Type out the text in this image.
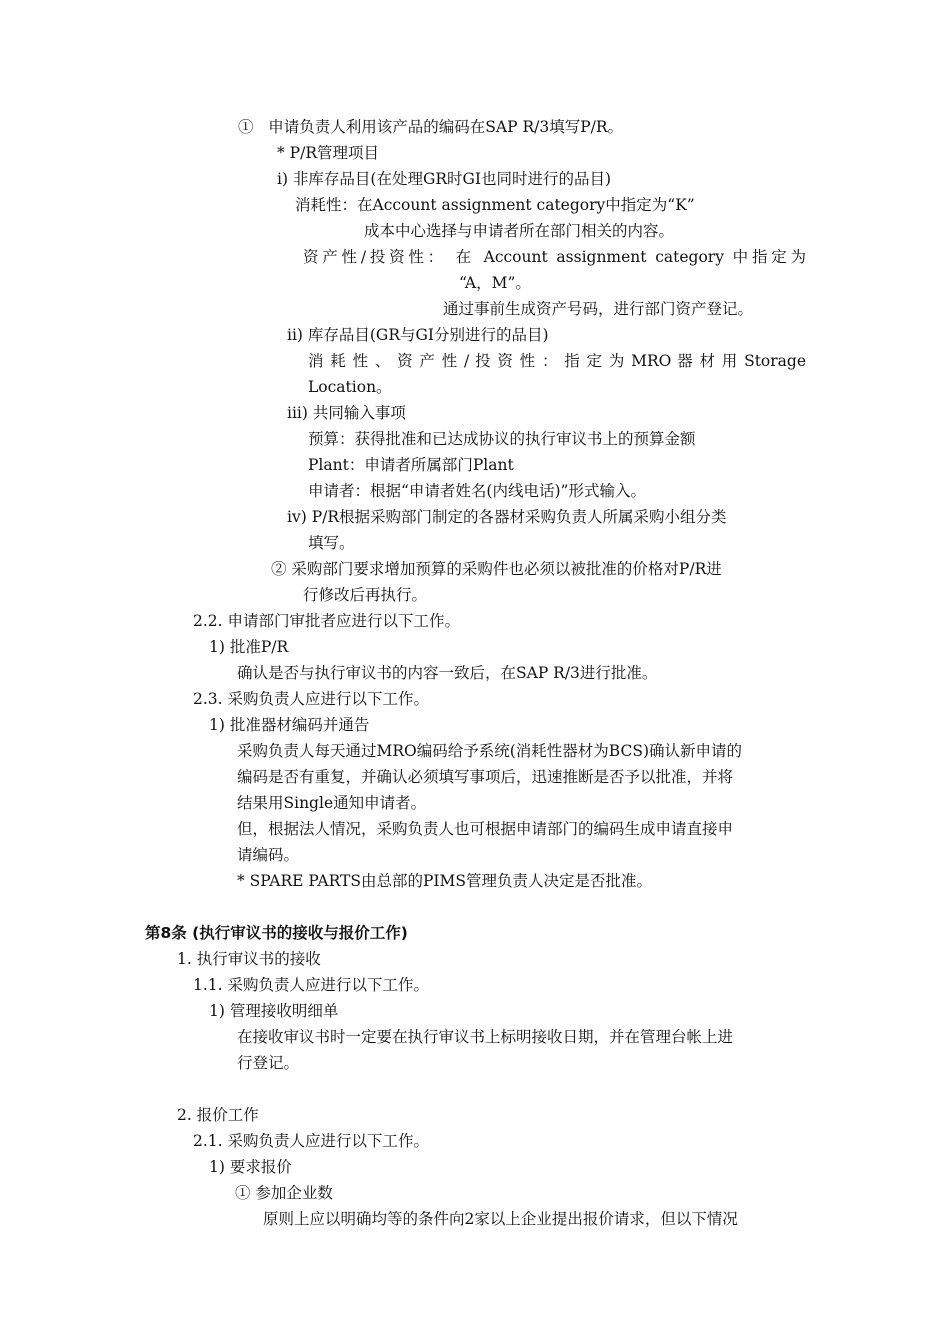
①   申请负责人利用该产品的编码在SAP R/3填写P/R。
* P/R管理项目
i) 非库存品目(在处理GR时GI也同时进行的品目)
消耗性：在Account assignment category中指定为“K”
成本中心选择与申请者所在部门相关的内容。
资产性/投资性： 在 Account assignment category 中指定为
“A，M”。
通过事前生成资产号码，进行部门资产登记。
ii) 库存品目(GR与GI分别进行的品目)
消 耗 性 、 资 产 性 / 投 资 性 ： 指 定 为 MRO 器 材 用 Storage
Location。
iii) 共同输入事项
预算：获得批准和已达成协议的执行审议书上的预算金额
Plant：申请者所属部门Plant
申请者：根据“申请者姓名(内线电话)”形式输入。
iv) P/R根据采购部门制定的各器材采购负责人所属采购小组分类
填写。
② 采购部门要求增加预算的采购件也必须以被批准的价格对P/R进
行修改后再执行。
2.2. 申请部门审批者应进行以下工作。
1) 批准P/R
确认是否与执行审议书的内容一致后，在SAP R/3进行批准。
2.3. 采购负责人应进行以下工作。
1) 批准器材编码并通告
采购负责人每天通过MRO编码给予系统(消耗性器材为BCS)确认新申请的
编码是否有重复，并确认必须填写事项后，迅速推断是否予以批准，并将
结果用Single通知申请者。
但，根据法人情况，采购负责人也可根据申请部门的编码生成申请直接申
请编码。
* SPARE PARTS由总部的PIMS管理负责人决定是否批准。
第8条 (执行审议书的接收与报价工作)
1. 执行审议书的接收
1.1. 采购负责人应进行以下工作。
1) 管理接收明细单
在接收审议书时一定要在执行审议书上标明接收日期，并在管理台帐上进
行登记。
2. 报价工作
2.1. 采购负责人应进行以下工作。
1) 要求报价
① 参加企业数
原则上应以明确均等的条件向2家以上企业提出报价请求，但以下情况
